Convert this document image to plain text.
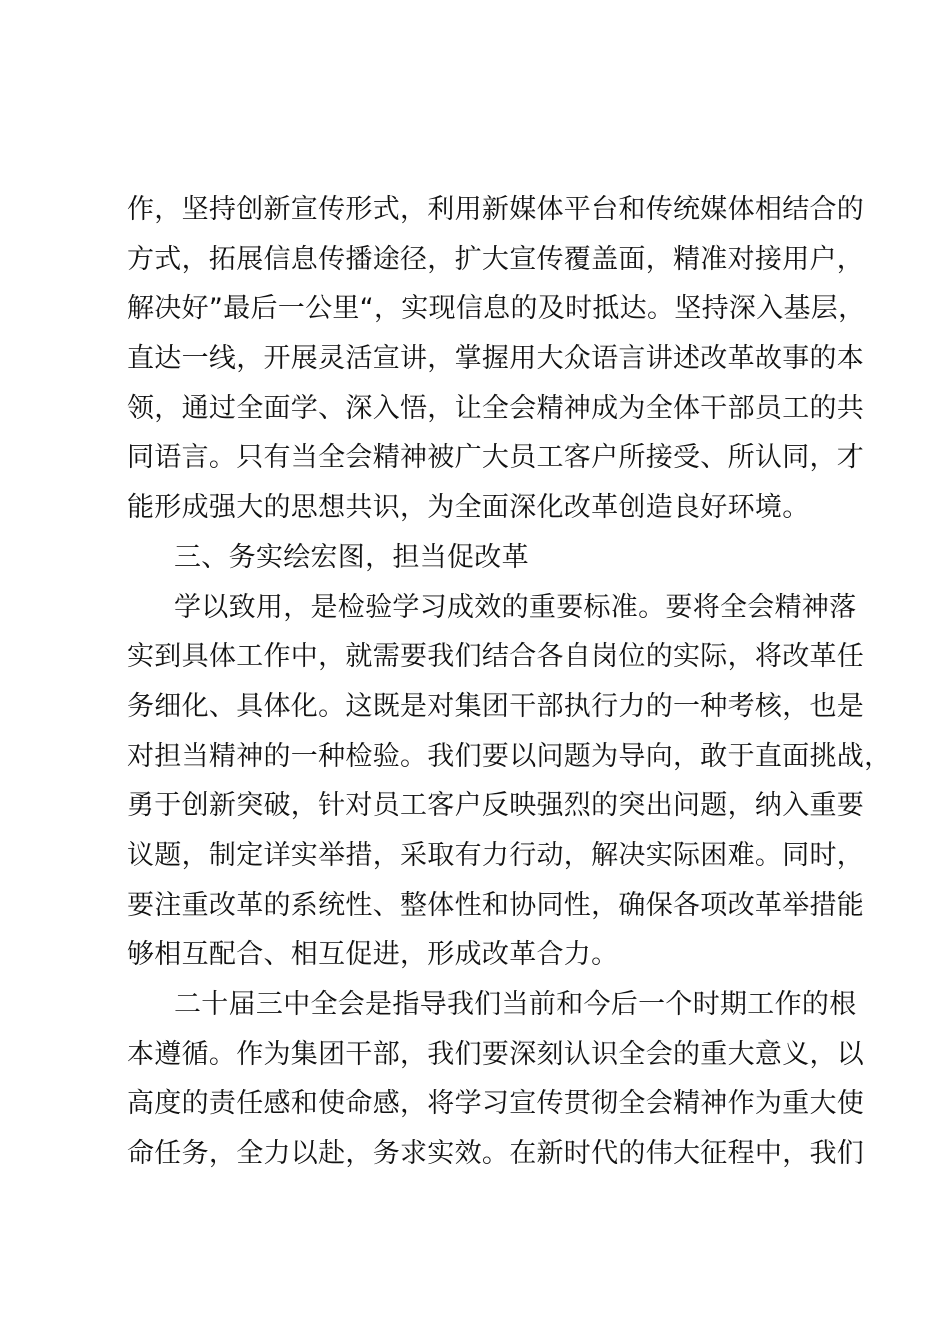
作，坚持创新宣传形式，利用新媒体平台和传统媒体相结合的
方式，拓展信息传播途径，扩大宣传覆盖面，精准对接用户，
解决好”最后一公里“，实现信息的及时抵达。坚持深入基层，
直达一线，开展灵活宣讲，掌握用大众语言讲述改革故事的本
领，通过全面学、深入悟，让全会精神成为全体干部员工的共
同语言。只有当全会精神被广大员工客户所接受、所认同，才
能形成强大的思想共识，为全面深化改革创造良好环境。
三、务实绘宏图，担当促改革
学以致用，是检验学习成效的重要标准。要将全会精神落
实到具体工作中，就需要我们结合各自岗位的实际，将改革任
务细化、具体化。这既是对集团干部执行力的一种考核，也是
对担当精神的一种检验。我们要以问题为导向，敢于直面挑战，
勇于创新突破，针对员工客户反映强烈的突出问题，纳入重要
议题，制定详实举措，采取有力行动，解决实际困难。同时，
要注重改革的系统性、整体性和协同性，确保各项改革举措能
够相互配合、相互促进，形成改革合力。
二十届三中全会是指导我们当前和今后一个时期工作的根
本遵循。作为集团干部，我们要深刻认识全会的重大意义，以
高度的责任感和使命感，将学习宣传贯彻全会精神作为重大使
命任务，全力以赴，务求实效。在新时代的伟大征程中，我们
